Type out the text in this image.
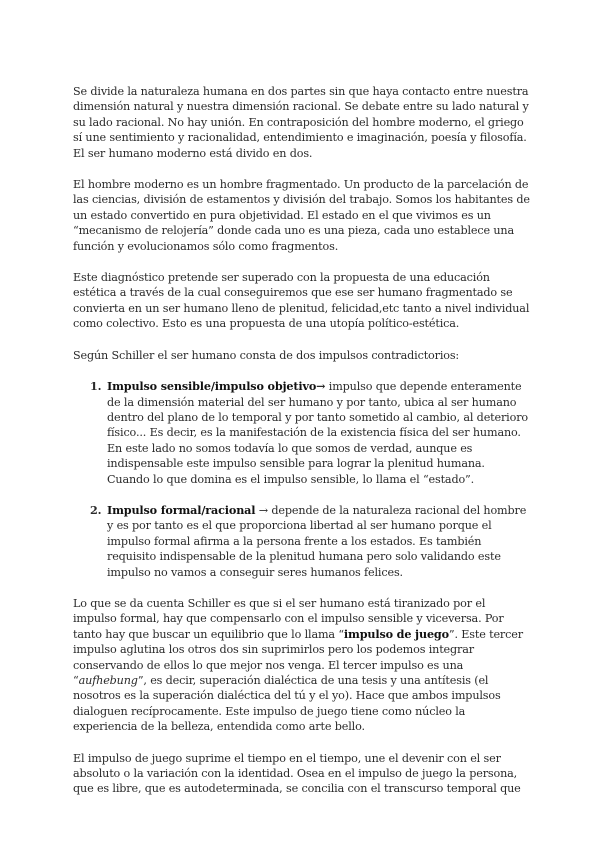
Se divide la naturaleza humana en dos partes sin que haya contacto entre nuestra dimensión natural y nuestra dimensión racional. Se debate entre su lado natural y su lado racional. No hay unión. En contraposición del hombre moderno, el griego sí une sentimiento y racionalidad, entendimiento e imaginación, poesía y filosofía. El ser humano moderno está divido en dos.

El hombre moderno es un hombre fragmentado. Un producto de la parcelación de las ciencias, división de estamentos y división del trabajo. Somos los habitantes de un estado convertido en pura objetividad. El estado en el que vivimos es un “mecanismo de relojería” donde cada uno es una pieza, cada uno establece una función y evolucionamos sólo como fragmentos.

Este diagnóstico pretende ser superado con la propuesta de una educación estética a través de la cual conseguiremos que ese ser humano fragmentado se convierta en un ser humano lleno de plenitud, felicidad,etc tanto a nivel individual como colectivo. Esto es una propuesta de una utopía político-estética.

Según Schiller el ser humano consta de dos impulsos contradictorios:

1. Impulso sensible/impulso objetivo→ impulso que depende enteramente de la dimensión material del ser humano y por tanto, ubica al ser humano dentro del plano de lo temporal y por tanto sometido al cambio, al deterioro físico... Es decir, es la manifestación de la existencia física del ser humano. En este lado no somos todavía lo que somos de verdad, aunque es indispensable este impulso sensible para lograr la plenitud humana. Cuando lo que domina es el impulso sensible, lo llama el “estado”.
2. Impulso formal/racional → depende de la naturaleza racional del hombre y es por tanto es el que proporciona libertad al ser humano porque el impulso formal afirma a la persona frente a los estados. Es también requisito indispensable de la plenitud humana pero solo validando este impulso no vamos a conseguir seres humanos felices.

Lo que se da cuenta Schiller es que si el ser humano está tiranizado por el impulso formal, hay que compensarlo con el impulso sensible y viceversa. Por tanto hay que buscar un equilibrio que lo llama “impulso de juego”. Este tercer impulso aglutina los otros dos sin suprimirlos pero los podemos integrar conservando de ellos lo que mejor nos venga. El tercer impulso es una “aufhebung”, es decir, superación dialéctica de una tesis y una antítesis (el nosotros es la superación dialéctica del tú y el yo). Hace que ambos impulsos dialoguen recíprocamente. Este impulso de juego tiene como núcleo la experiencia de la belleza, entendida como arte bello.

El impulso de juego suprime el tiempo en el tiempo, une el devenir con el ser absoluto o la variación con la identidad. Osea en el impulso de juego la persona, que es libre, que es autodeterminada, se concilia con el transcurso temporal que
